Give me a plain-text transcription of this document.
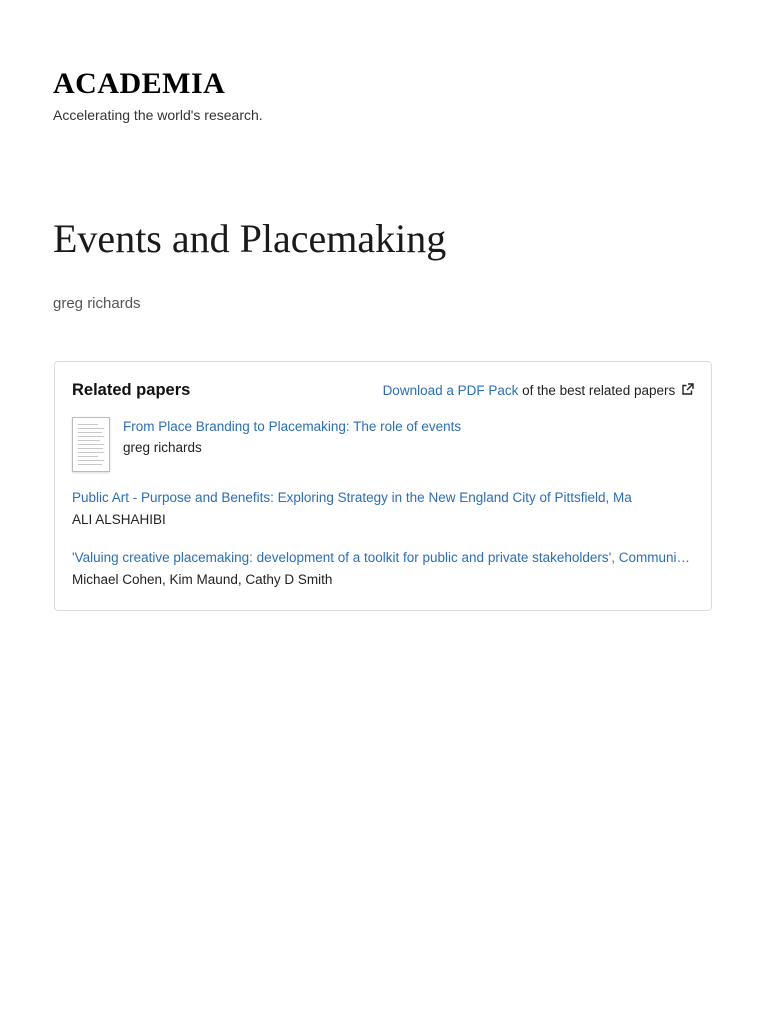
ACADEMIA
Accelerating the world's research.
Events and Placemaking
greg richards
Related papers	Download a PDF Pack of the best related papers
From Place Branding to Placemaking: The role of events
greg richards
Public Art - Purpose and Benefits: Exploring Strategy in the New England City of Pittsfield, Ma
ALI ALSHAHIBI
'Valuing creative placemaking: development of a toolkit for public and private stakeholders', Communi…
Michael Cohen, Kim Maund, Cathy D Smith
